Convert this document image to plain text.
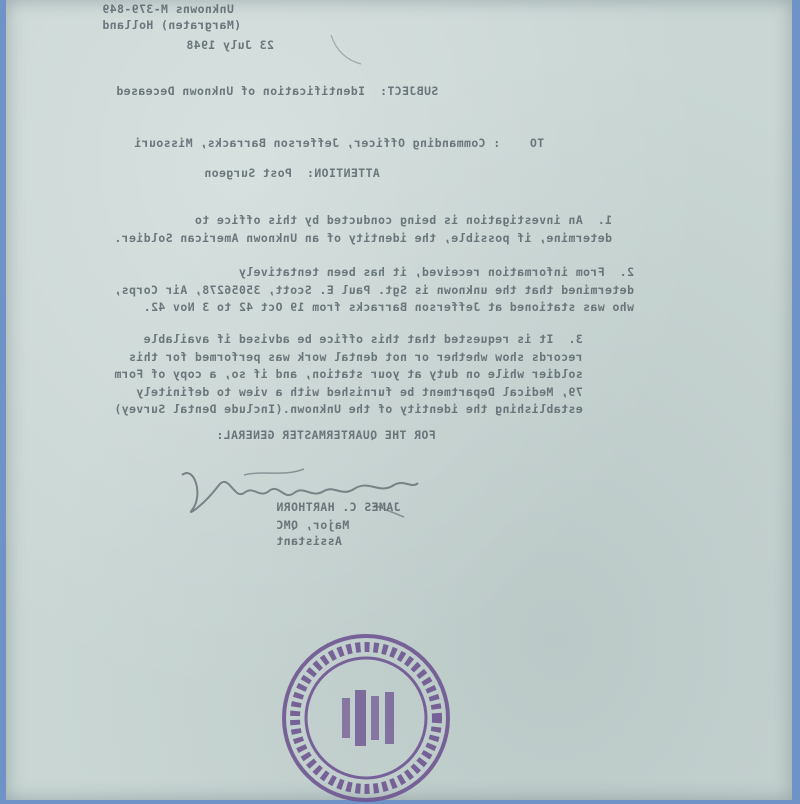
Unknowns M-379-849
(Margraten) Holland
23 July 1948
SUBJECT:  Identification of Unknown Deceased
TO    : Commanding Officer, Jefferson Barracks, Missouri
ATTENTION:  Post Surgeon
1.  An investigation is being conducted by this office to
determine, if possible, the identity of an Unknown American Soldier.
2.  From information received, it has been tentatively
determined that the unknown is Sgt. Paul E. Scott, 35056278, Air Corps,
who was stationed at Jefferson Barracks from 19 Oct 42 to 3 Nov 42.
3.  It is requested that this office be advised if available
records show whether or not dental work was performed for this
soldier while on duty at your station, and if so, a copy of Form
79, Medical Department be furnished with a view to definitely
establishing the identity of the Unknown.(Include Dental Survey)
FOR THE QUARTERMASTER GENERAL:
JAMES C. HARTHORN
Major, QMC
Assistant
